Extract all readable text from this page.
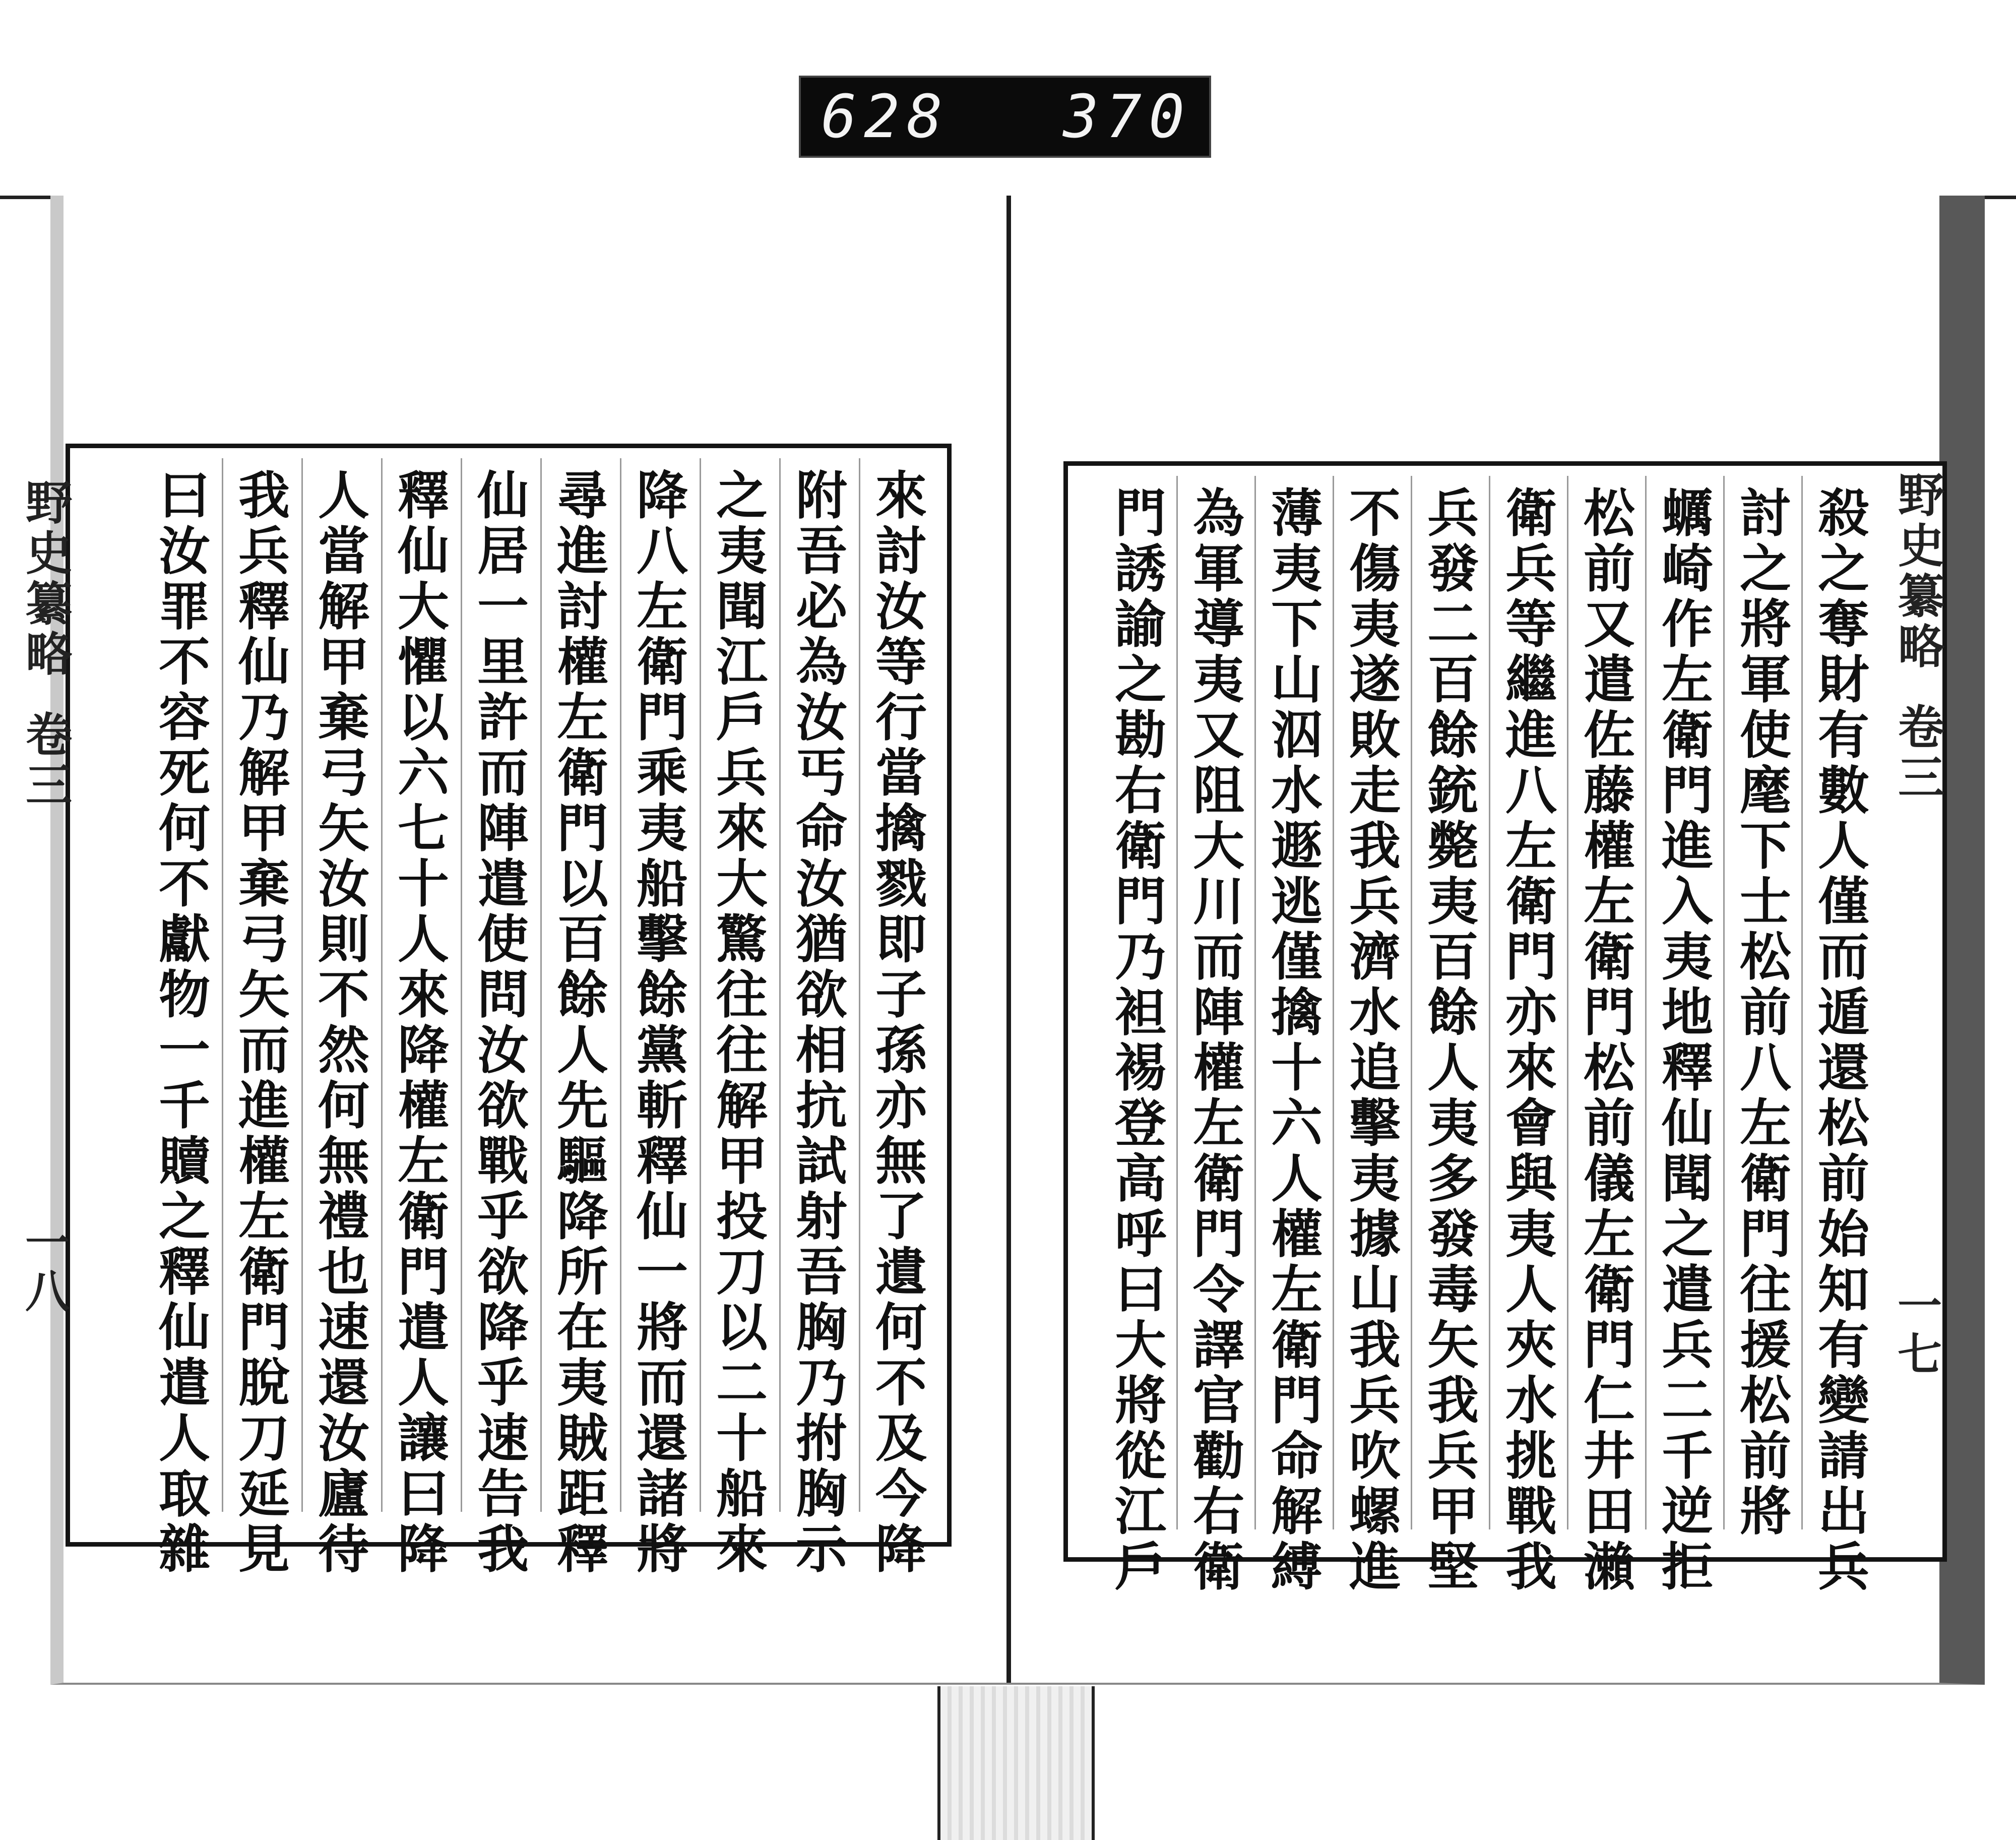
628 370
野史纂略
卷三
一八	來討汝等行當擒戮即子孫亦無了遺何不及今降
附吾必為汝丐命汝猶欲相抗試射吾胸乃拊胸示
之夷聞江戶兵來大驚往往解甲投刀以二十船來
降八左衛門乘夷船擊餘黨斬釋仙一將而還諸將
尋進討權左衛門以百餘人先驅降所在夷賊距釋
仙居一里許而陣遣使問汝欲戰乎欲降乎速告我
釋仙大懼以六七十人來降權左衛門遣人讓曰降
人當解甲棄弓矢汝則不然何無禮也速還汝廬待
我兵釋仙乃解甲棄弓矢而進權左衛門脫刀延見
曰汝罪不容死何不獻物一千贖之釋仙遣人取雜	野史纂略
卷三
一七
殺之奪財有數人僅而遁還松前始知有變請出兵
討之將軍使麾下士松前八左衛門往援松前將
蠣崎作左衛門進入夷地釋仙聞之遣兵二千逆拒
松前又遣佐藤權左衛門松前儀左衛門仁井田瀨
衛兵等繼進八左衛門亦來會與夷人夾水挑戰我
兵發二百餘銃斃夷百餘人夷多發毒矢我兵甲堅
不傷夷遂敗走我兵濟水追擊夷據山我兵吹螺進
薄夷下山泅水遯逃僅擒十六人權左衛門命解縛
為軍導夷又阻大川而陣權左衛門令譯官勸右衛
門誘諭之勘右衛門乃袒裼登高呼曰大將從江戶
